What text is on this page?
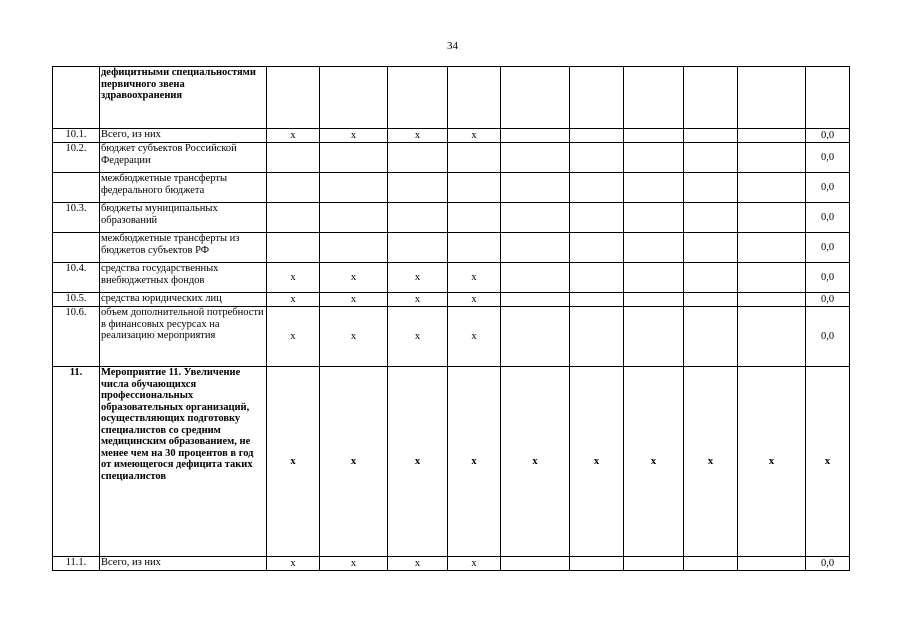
34
	дефицитными специальностями первичного звена здравоохранения										
10.1.	Всего, из них	x	x	x	x						0,0
10.2.	бюджет субъектов Российской Федерации										0,0
	межбюджетные трансферты федерального бюджета										0,0
10.3.	бюджеты муниципальных образований										0,0
	межбюджетные трансферты из бюджетов субъектов РФ										0,0
10.4.	средства государственных внебюджетных фондов	x	x	x	x						0,0
10.5.	средства юридических лиц	x	x	x	x						0,0
10.6.	объем дополнительной потребности в финансовых ресурсах на реализацию мероприятия	x	x	x	x						0,0
11.	Мероприятие 11. Увеличение числа обучающихся профессиональных образовательных организаций, осуществляющих подготовку специалистов со средним медицинским образованием, не менее чем на 30 процентов в год от имеющегося дефицита таких специалистов	x	x	x	x	x	x	x	x	x	x
11.1.	Всего, из них	x	x	x	x						0,0
